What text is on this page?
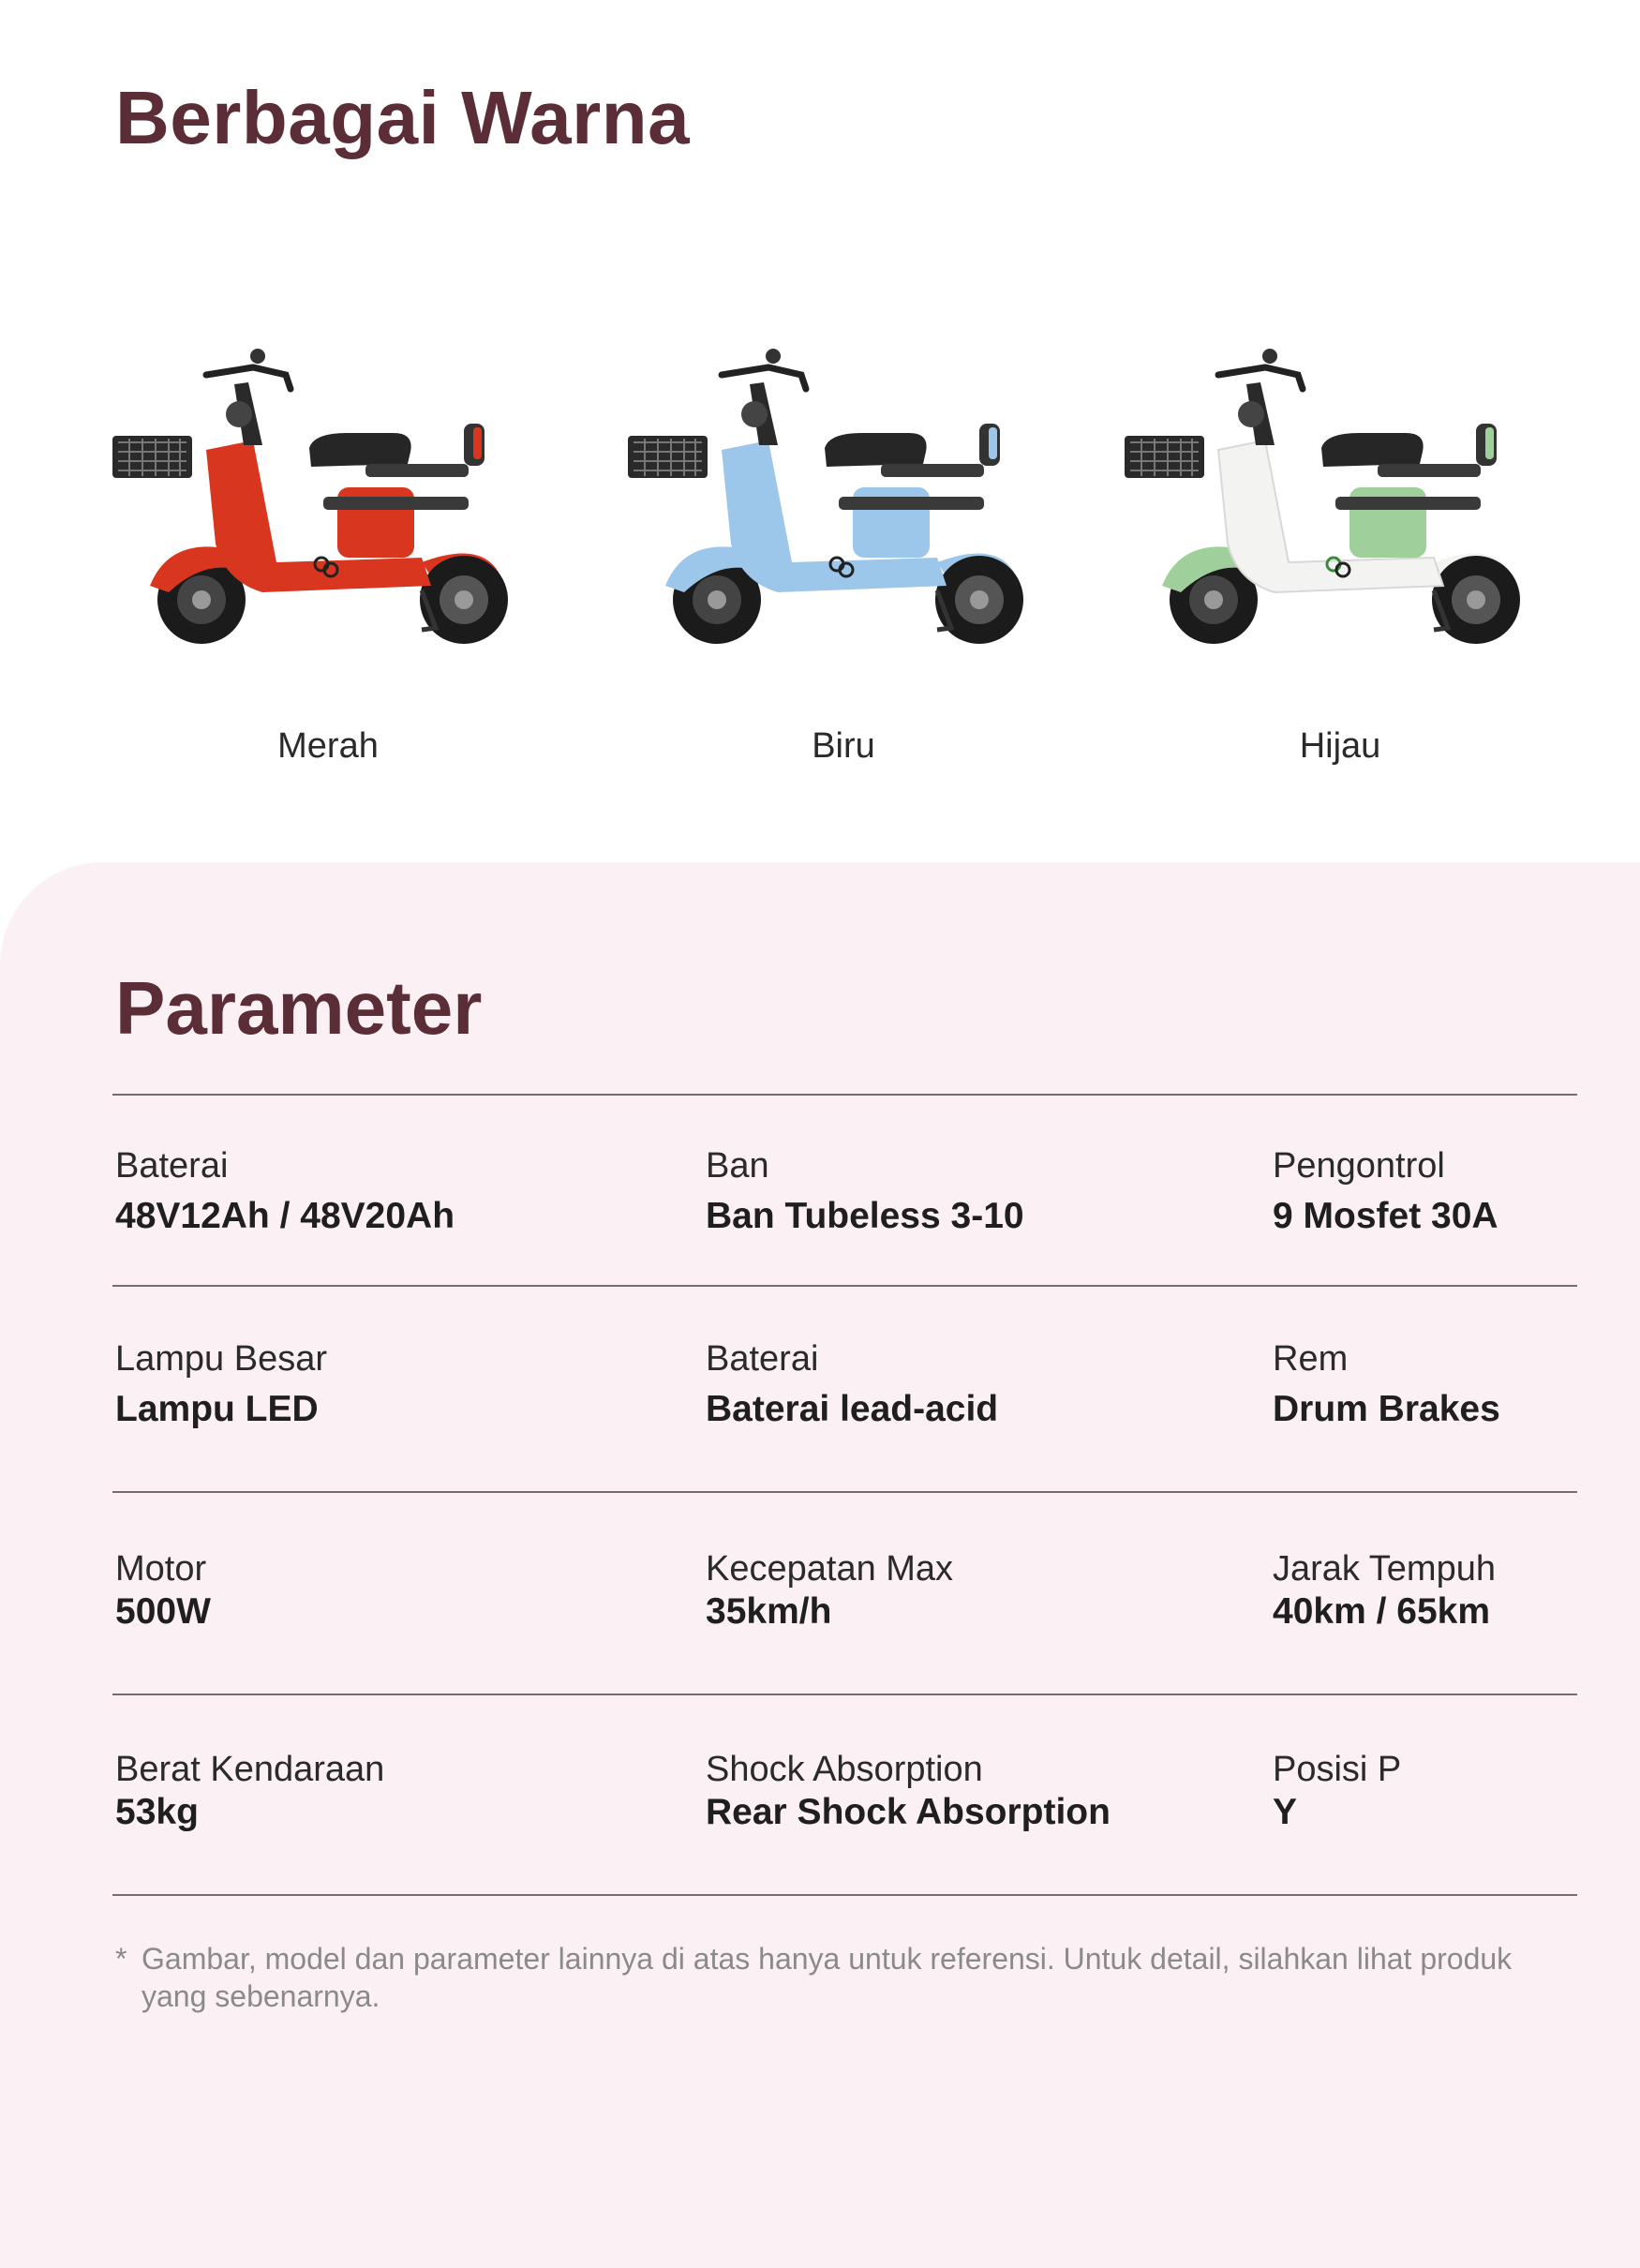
Berbagai Warna
Merah	Biru	Hijau
Parameter
Baterai
48V12Ah / 48V20Ah
Ban
Ban Tubeless 3-10
Pengontrol
9 Mosfet 30A
Lampu Besar
Lampu LED
Baterai
Baterai lead-acid
Rem
Drum Brakes
Motor
500W
Kecepatan Max
35km/h
Jarak Tempuh
40km / 65km
Berat Kendaraan
53kg
Shock Absorption
Rear Shock Absorption
Posisi P
Y
* Gambar, model dan parameter lainnya di atas hanya untuk referensi. Untuk detail, silahkan lihat produk yang sebenarnya.
